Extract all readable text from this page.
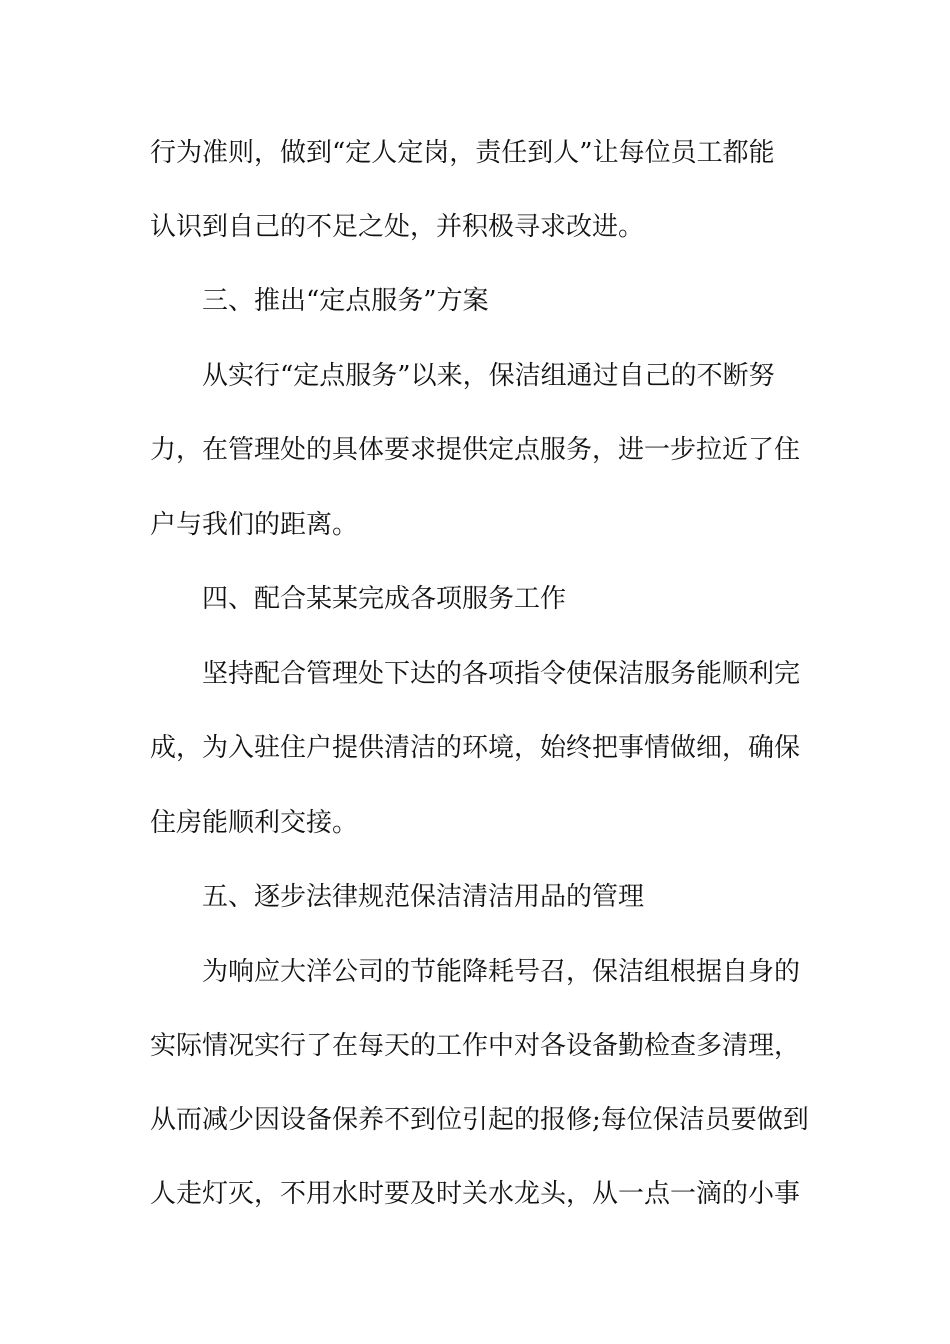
行为准则，做到“定人定岗，责任到人”让每位员工都能

认识到自己的不足之处，并积极寻求改进。

三、推出“定点服务”方案

从实行“定点服务”以来，保洁组通过自己的不断努

力，在管理处的具体要求提供定点服务，进一步拉近了住

户与我们的距离。

四、配合某某完成各项服务工作

坚持配合管理处下达的各项指令使保洁服务能顺利完

成，为入驻住户提供清洁的环境，始终把事情做细，确保

住房能顺利交接。

五、逐步法律规范保洁清洁用品的管理

为响应大洋公司的节能降耗号召，保洁组根据自身的

实际情况实行了在每天的工作中对各设备勤检查多清理，

从而减少因设备保养不到位引起的报修;每位保洁员要做到

人走灯灭，不用水时要及时关水龙头，从一点一滴的小事
